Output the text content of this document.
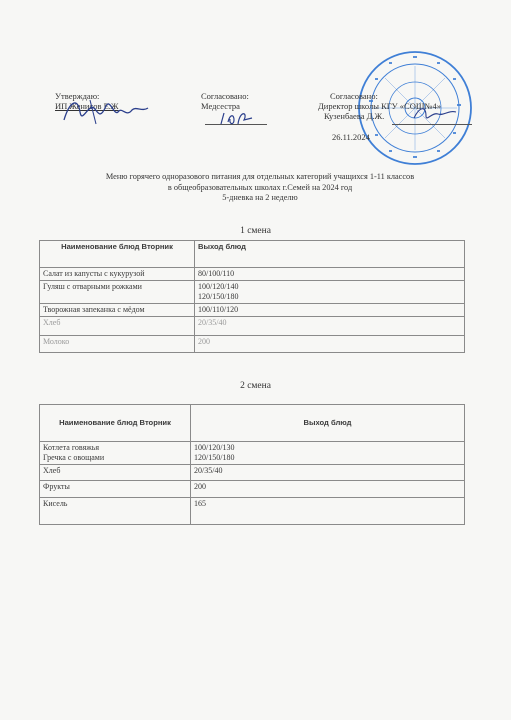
Утверждаю:
ИП Женисов Е.Ж
Согласовано:
Медсестра
Согласовано:
Директор школы КГУ «СОШ№4»
Кузенбаева Д.Ж.
26.11.2024
Меню горячего одноразового питания для отдельных категорий учащихся 1-11 классов
в общеобразовательных школах г.Семей на 2024 год
5-дневка на 2 неделю
1 смена
Наименование блюд Вторник	Выход блюд
Салат из капусты с кукурузой	80/100/110
Гуляш с отварными рожками	100/120/140
120/150/180

Творожная запеканка с мёдом	100/110/120
Хлеб	20/35/40
Молоко	200
2 смена
Наименование блюд Вторник	Выход блюд

Котлета говяжья
Гречка с овощами	100/120/130
120/150/180

Хлеб	20/35/40
Фрукты	200
Кисель	165
